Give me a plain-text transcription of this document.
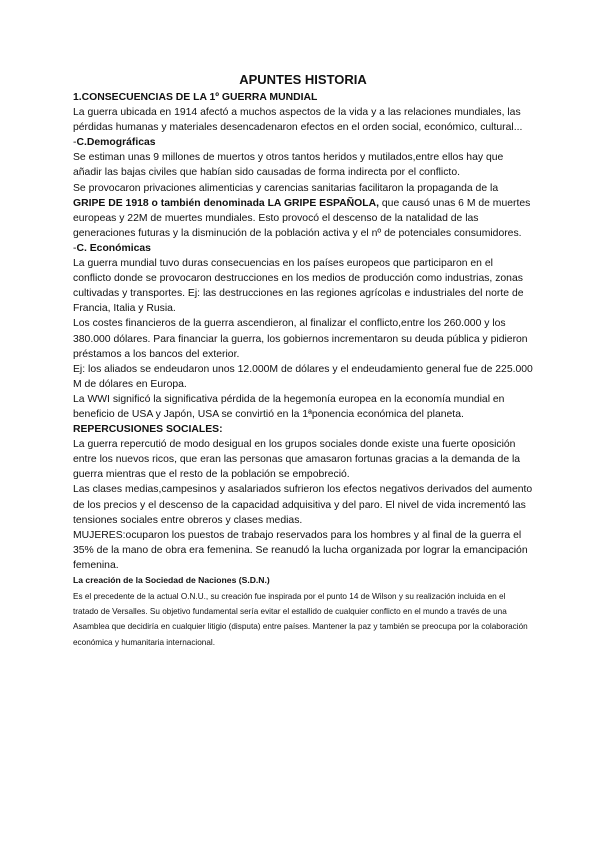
APUNTES HISTORIA

1.CONSECUENCIAS DE LA 1º GUERRA MUNDIAL

La guerra ubicada en 1914 afectó a muchos aspectos de la vida y a las relaciones mundiales, las pérdidas humanas y materiales desencadenaron efectos en el orden social, económico, cultural...

-C.Demográficas

Se estiman unas 9 millones de muertos y otros tantos heridos y mutilados,entre ellos hay que añadir las bajas civiles que habían sido causadas de forma indirecta por el conflicto.

Se provocaron privaciones alimenticias y carencias sanitarias facilitaron la propaganda de la GRIPE DE 1918 o también denominada LA GRIPE ESPAÑOLA, que causó unas 6 M de muertes europeas y 22M de muertes mundiales. Esto provocó el descenso de la natalidad de las generaciones futuras y la disminución de la población activa y el nº de potenciales consumidores.

-C. Económicas

La guerra mundial tuvo duras consecuencias en los países europeos que participaron en el conflicto donde se provocaron destrucciones en los medios de producción como industrias, zonas cultivadas y transportes. Ej: las destrucciones en las regiones agrícolas e industriales del norte de Francia, Italia y Rusia.

Los costes financieros de la guerra ascendieron, al finalizar el conflicto,entre los 260.000 y los 380.000 dólares. Para financiar la guerra, los gobiernos incrementaron su deuda pública y pidieron préstamos a los bancos del exterior.

Ej: los aliados se endeudaron unos 12.000M de dólares y el endeudamiento general fue de 225.000 M de dólares en Europa.

La WWI significó la significativa pérdida de la hegemonía europea en la economía mundial en beneficio de USA y Japón, USA se convirtió en la 1ªponencia económica del planeta.

REPERCUSIONES SOCIALES:

La guerra repercutió de modo desigual en los grupos sociales donde existe una fuerte oposición entre los nuevos ricos, que eran las personas que amasaron fortunas gracias a la demanda de la guerra mientras que el resto de la población se empobreció.

Las clases medias,campesinos y asalariados sufrieron los efectos negativos derivados del aumento de los precios y el descenso de la capacidad adquisitiva y del paro. El nivel de vida incrementó las tensiones sociales entre obreros y clases medias.

MUJERES:ocuparon los puestos de trabajo reservados para los hombres y al final de la guerra el 35% de la mano de obra era femenina. Se reanudó la lucha organizada por lograr la emancipación femenina.

La creación de la Sociedad de Naciones (S.D.N.)

Es el precedente de la actual O.N.U., su creación fue inspirada por el punto 14 de Wilson y su realización incluida en el tratado de Versalles. Su objetivo fundamental sería evitar el estallido de cualquier conflicto en el mundo a través de una Asamblea que decidiría en cualquier litigio (disputa) entre países. Mantener la paz y también se preocupa por la colaboración económica y humanitaria internacional.
